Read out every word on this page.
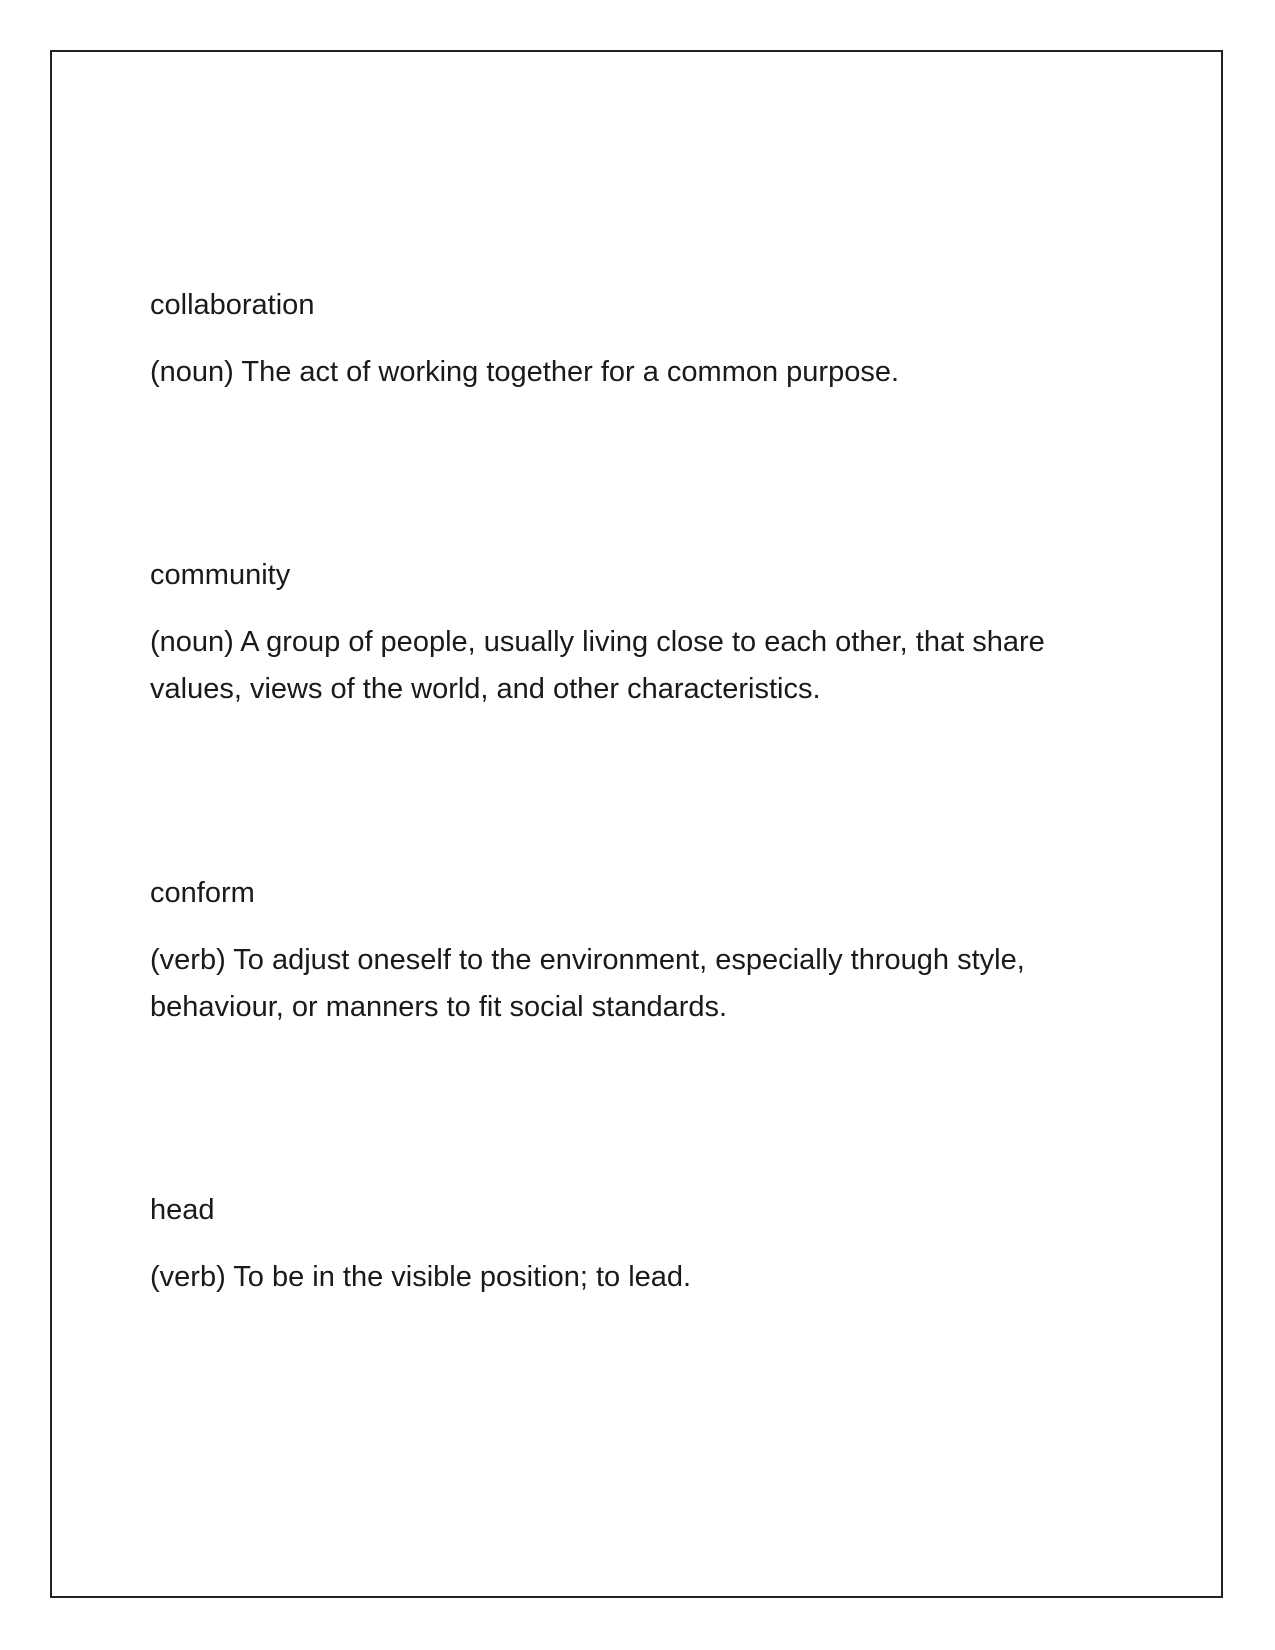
collaboration

(noun) The act of working together for a common purpose.

community

(noun) A group of people, usually living close to each other, that share values, views of the world, and other characteristics.

conform

(verb) To adjust oneself to the environment, especially through style, behaviour, or manners to fit social standards.

head

(verb) To be in the visible position; to lead.
